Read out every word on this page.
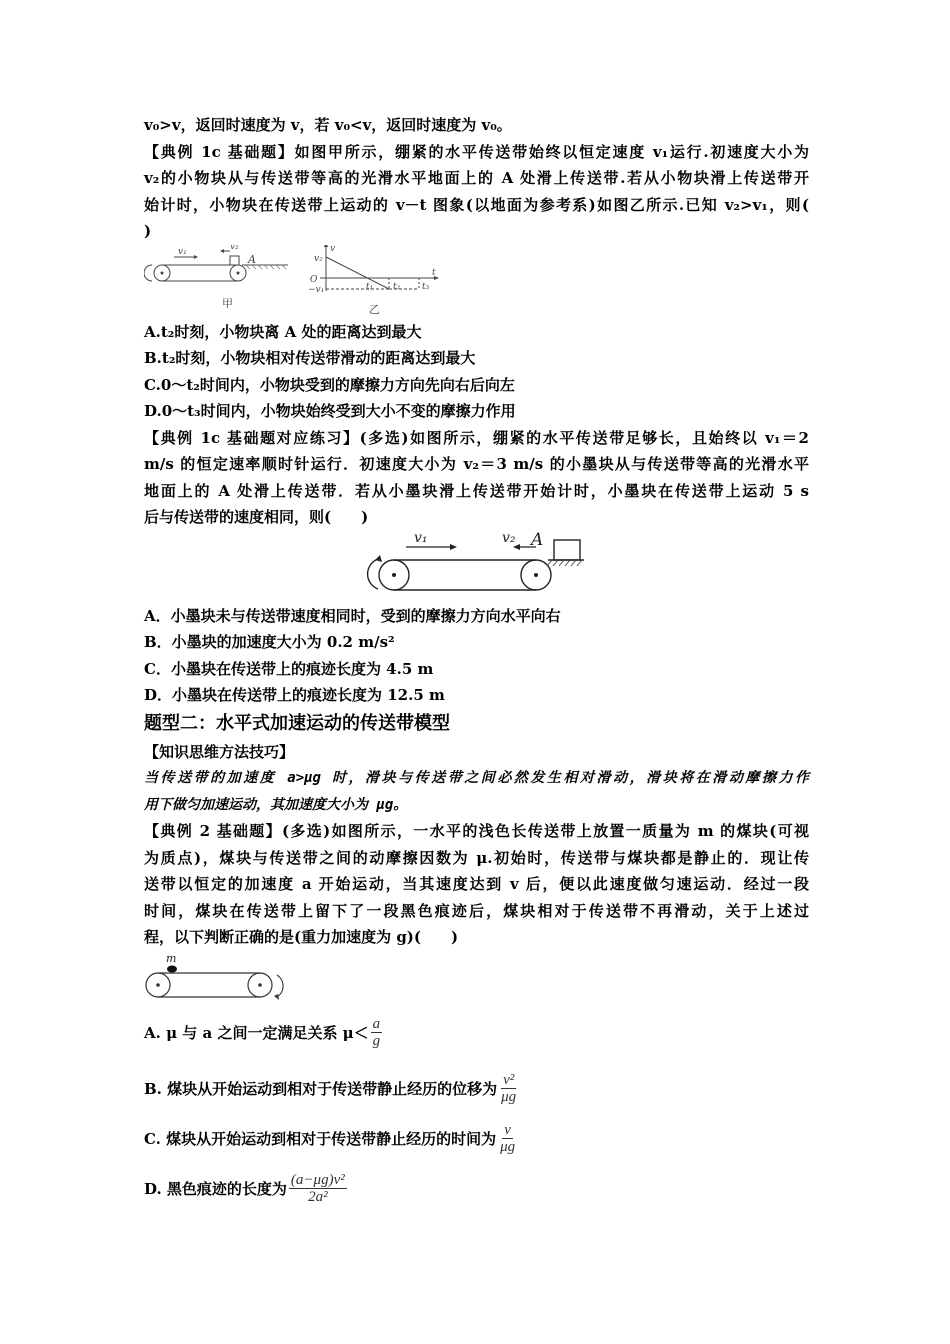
v₀>v，返回时速度为 v，若 v₀<v，返回时速度为 v₀。
【典例 1c 基础题】如图甲所示，绷紧的水平传送带始终以恒定速度 v₁运行.初速度大小为
v₂的小物块从与传送带等高的光滑水平地面上的 A 处滑上传送带.若从小物块滑上传送带开
始计时，小物块在传送带上运动的 v－t 图象(以地面为参考系)如图乙所示.已知 v₂>v₁，则(
)
v₁	v₂
A
甲
v
t
O
v₂
−v₁	t₁ t₂ t₃
乙
A.t₂时刻，小物块离 A 处的距离达到最大
B.t₂时刻，小物块相对传送带滑动的距离达到最大
C.0～t₂时间内，小物块受到的摩擦力方向先向右后向左
D.0～t₃时间内，小物块始终受到大小不变的摩擦力作用
【典例 1c 基础题对应练习】(多选)如图所示，绷紧的水平传送带足够长，且始终以 v₁＝2
m/s 的恒定速率顺时针运行．初速度大小为 v₂＝3 m/s 的小墨块从与传送带等高的光滑水平
地面上的 A 处滑上传送带．若从小墨块滑上传送带开始计时，小墨块在传送带上运动 5 s
后与传送带的速度相同，则(　　)
v₁	v₂ A
A．小墨块未与传送带速度相同时，受到的摩擦力方向水平向右
B．小墨块的加速度大小为 0.2 m/s²
C．小墨块在传送带上的痕迹长度为 4.5 m
D．小墨块在传送带上的痕迹长度为 12.5 m
题型二：水平式加速运动的传送带模型
【知识思维方法技巧】
当传送带的加速度 a>μg 时，滑块与传送带之间必然发生相对滑动，滑块将在滑动摩擦力作
用下做匀加速运动，其加速度大小为 μg。
【典例 2 基础题】(多选)如图所示，一水平的浅色长传送带上放置一质量为 m 的煤块(可视
为质点)，煤块与传送带之间的动摩擦因数为 μ.初始时，传送带与煤块都是静止的．现让传
送带以恒定的加速度 a 开始运动，当其速度达到 v 后，便以此速度做匀速运动．经过一段
时间，煤块在传送带上留下了一段黑色痕迹后，煤块相对于传送带不再滑动，关于上述过
程，以下判断正确的是(重力加速度为 g)(　　)
m
A. μ 与 a 之间一定满足关系 $\mu< \frac{a}{g}$
B. 煤块从开始运动到相对于传送带静止经历的位移为 $\frac{\text{v²}}{\mu g}$
C. 煤块从开始运动到相对于传送带静止经历的时间为 $\frac{v}{\mu g}$
D. 黑色痕迹的长度为 $\frac{\text{(a−μg)v²}}{\text{2a²}}$
